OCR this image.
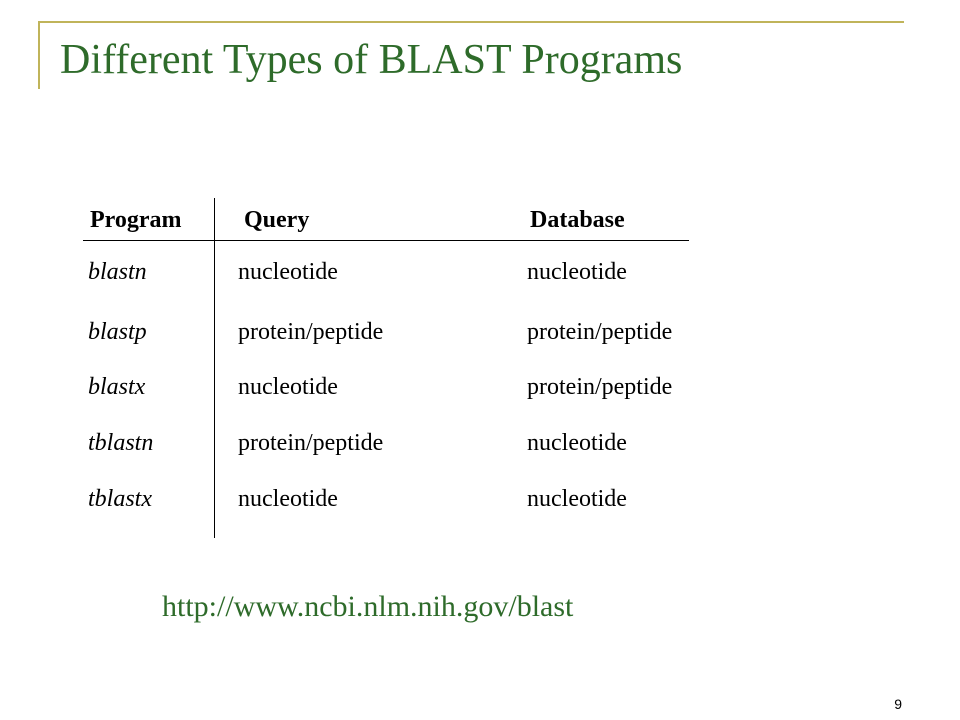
Different Types of BLAST Programs
Program	Query	Database
blastn	nucleotide	nucleotide
blastp	protein/peptide	protein/peptide
blastx	nucleotide	protein/peptide
tblastn	protein/peptide	nucleotide
tblastx	nucleotide	nucleotide
http://www.ncbi.nlm.nih.gov/blast
9
